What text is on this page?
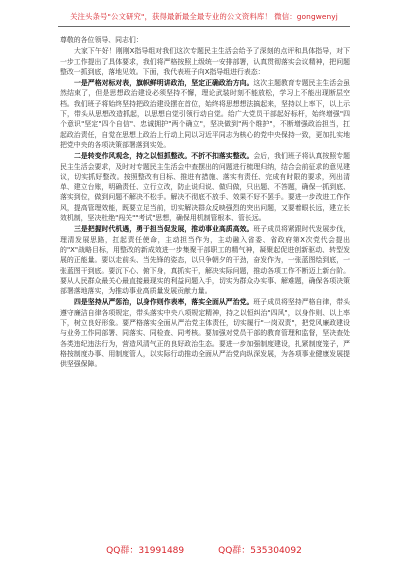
关注头条号"公文研究"，获得最新最全最专业的公文资料库！ 微信：gongwenyj

尊敬的各位领导、同志们：

大家下午好！刚刚X指导组对我们这次专题民主生活会给予了深刻的点评和具体指导，对下一步工作提出了具体要求，我们将严格按照上级统一安排部署，认真贯彻落实会议精神，把问题整改一抓到底，落地见效。下面，我代表班子向X指导组进行表态：

一是严格对标对表，旗帜鲜明讲政治，坚定正确政治方向。这次主题教育专题民主生活会虽然结束了，但是思想政治建设必须坚持不懈，理论武装时刻不能放松，学习上不能出现断层空档。我们班子将始终坚持把政治建设摆在首位，始终将思想想法搞起来，坚持以上率下，以上示下，带头从思想改造抓起，以思想自觉引领行动自觉。给广大党员干部起好标杆，始终增强"四个意识"坚定"四个自信"、忠诚拥护"两个确立"，坚决做到"两个维护"，不断增强政治担当，扛起政治责任，自觉在思想上政治上行动上同以习近平同志为核心的党中央保持一致，更加扎实地把党中央的各项决策部署落到实处。

二是转变作风观念，持之以恒抓整改。不折不扣落实整改。会后，我们班子将认真按照专题民主生活会要求，及时对专题民主生活会中查摆出的问题进行梳理归纳，结合会前征求的意见建议，切实抓好整改。按照整改有目标、推进有措施、落实有责任、完成有时限的要求，列出清单、建立台账，明确责任、立行立改，防止说归说、做归做，只出题、不答题，确保一抓到底、落实到位，做到问题不解决不松手。解决不彻底不放手、效果不好不罢手。要进一步改进工作作风，提高管理效能，既要立足当前，切实解决群众反映强烈的突出问题，又要着眼长远，建立长效机制，坚决杜绝"闯关""考试"思想，确保用机制管根本、管长远。

三是把握时代机遇，勇于担当促发展，推动事业高质高效。班子成员将紧跟时代发展步伐，理清发展思路，扛起责任使命，主动担当作为，主动融入省委、省政府第X次党代会提出的"X"战略目标，用整改的新成效进一步集聚干部职工的精气神，凝聚起促进创新驱动、转型发展的正能量。要以走前头、当先锋的姿态，以只争朝夕的干劲，奋发作为，一张蓝图绘到底，一张蓝图干到底。要沉下心、俯下身，真抓实干，解决实际问题，推动各项工作不断迈上新台阶。要从人民群众最关心最直接最现实的利益问题入手，切实为群众办实事、解难题，确保各项决策部署落地落实，为推动事业高质量发展贡献力量。

四是坚持从严惩治，以身作则作表率，落实全面从严治党。班子成员将坚持严格自律，带头遵守廉洁自律各项规定，带头落实中央八项规定精神，持之以恒纠治"四风"，以身作则、以上率下，树立良好形象。要严格落实全面从严治党主体责任，切实履行"一岗双责"，把党风廉政建设与业务工作同部署、同落实、同检查、同考核。要加强对党员干部的教育管理和监督，坚决查处各类违纪违法行为，营造风清气正的良好政治生态。要进一步加强制度建设，扎紧制度笼子，严格按制度办事、用制度管人，以实际行动推动全面从严治党向纵深发展，为各项事业健康发展提供坚强保障。

QQ群：31991489	QQ群：535304092
